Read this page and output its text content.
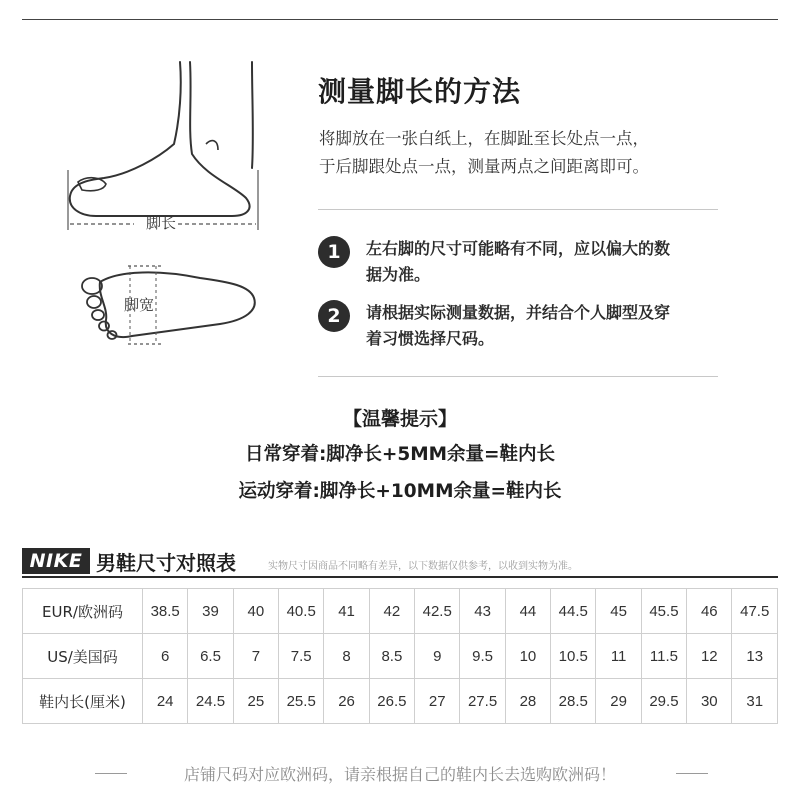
脚长
脚宽
测量脚长的方法
将脚放在一张白纸上，在脚趾至长处点一点，
于后脚跟处点一点，测量两点之间距离即可。
1	左右脚的尺寸可能略有不同，应以偏大的数
据为准。
2	请根据实际测量数据，并结合个人脚型及穿
着习惯选择尺码。
【温馨提示】
日常穿着:脚净长+5MM余量=鞋内长
运动穿着:脚净长+10MM余量=鞋内长
NIKE 男鞋尺寸对照表	实物尺寸因商品不同略有差异，以下数据仅供参考，以收到实物为准。
EUR/欧洲码	38.5	39	40	40.5	41	42	42.5	43	44	44.5	45	45.5	46	47.5
US/美国码	6	6.5	7	7.5	8	8.5	9	9.5	10	10.5	11	11.5	12	13
鞋内长(厘米)	24	24.5	25	25.5	26	26.5	27	27.5	28	28.5	29	29.5	30	31
店铺尺码对应欧洲码，请亲根据自己的鞋内长去选购欧洲码！
